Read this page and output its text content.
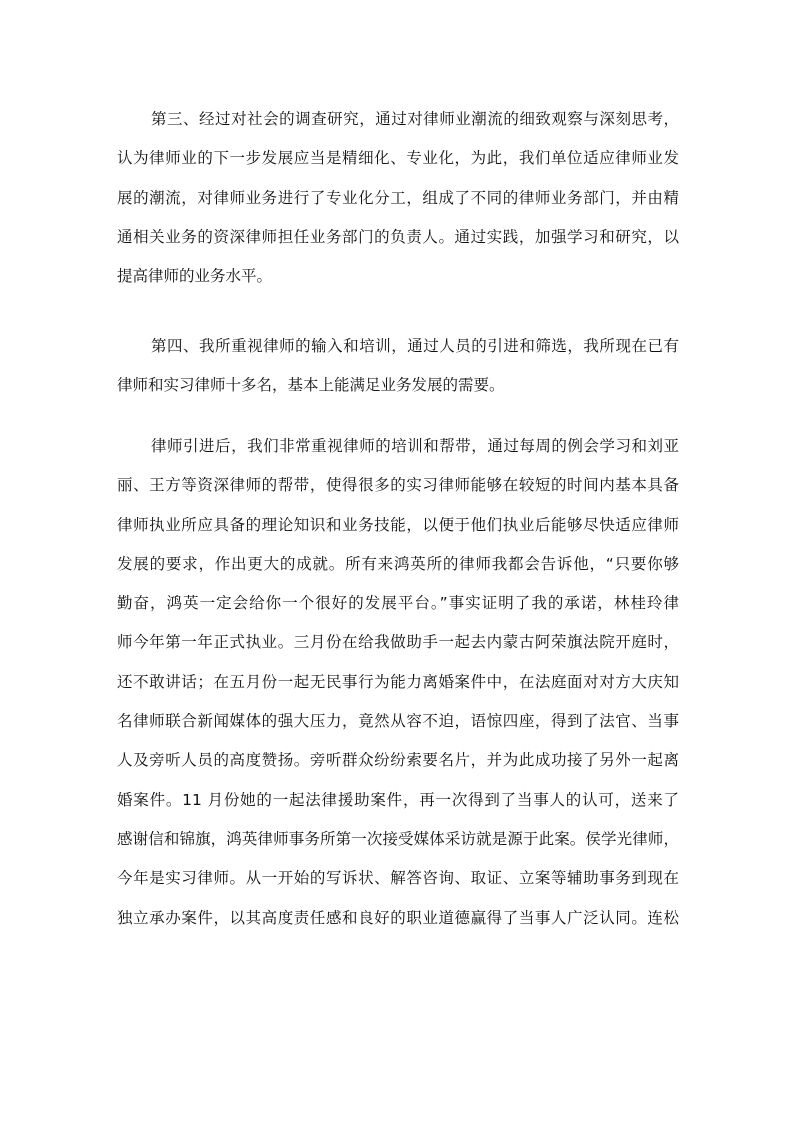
第三、经过对社会的调查研究，通过对律师业潮流的细致观察与深刻思考，
认为律师业的下一步发展应当是精细化、专业化，为此，我们单位适应律师业发
展的潮流，对律师业务进行了专业化分工，组成了不同的律师业务部门，并由精
通相关业务的资深律师担任业务部门的负责人。通过实践，加强学习和研究，以
提高律师的业务水平。
第四、我所重视律师的输入和培训，通过人员的引进和筛选，我所现在已有
律师和实习律师十多名，基本上能满足业务发展的需要。
律师引进后，我们非常重视律师的培训和帮带，通过每周的例会学习和刘亚
丽、王方等资深律师的帮带，使得很多的实习律师能够在较短的时间内基本具备
律师执业所应具备的理论知识和业务技能，以便于他们执业后能够尽快适应律师
发展的要求，作出更大的成就。所有来鸿英所的律师我都会告诉他，“只要你够
勤奋，鸿英一定会给你一个很好的发展平台。”事实证明了我的承诺，林桂玲律
师今年第一年正式执业。三月份在给我做助手一起去内蒙古阿荣旗法院开庭时，
还不敢讲话；在五月份一起无民事行为能力离婚案件中，在法庭面对对方大庆知
名律师联合新闻媒体的强大压力，竟然从容不迫，语惊四座，得到了法官、当事
人及旁听人员的高度赞扬。旁听群众纷纷索要名片，并为此成功接了另外一起离
婚案件。11 月份她的一起法律援助案件，再一次得到了当事人的认可，送来了
感谢信和锦旗，鸿英律师事务所第一次接受媒体采访就是源于此案。侯学光律师，
今年是实习律师。从一开始的写诉状、解答咨询、取证、立案等辅助事务到现在
独立承办案件，以其高度责任感和良好的职业道德赢得了当事人广泛认同。连松
